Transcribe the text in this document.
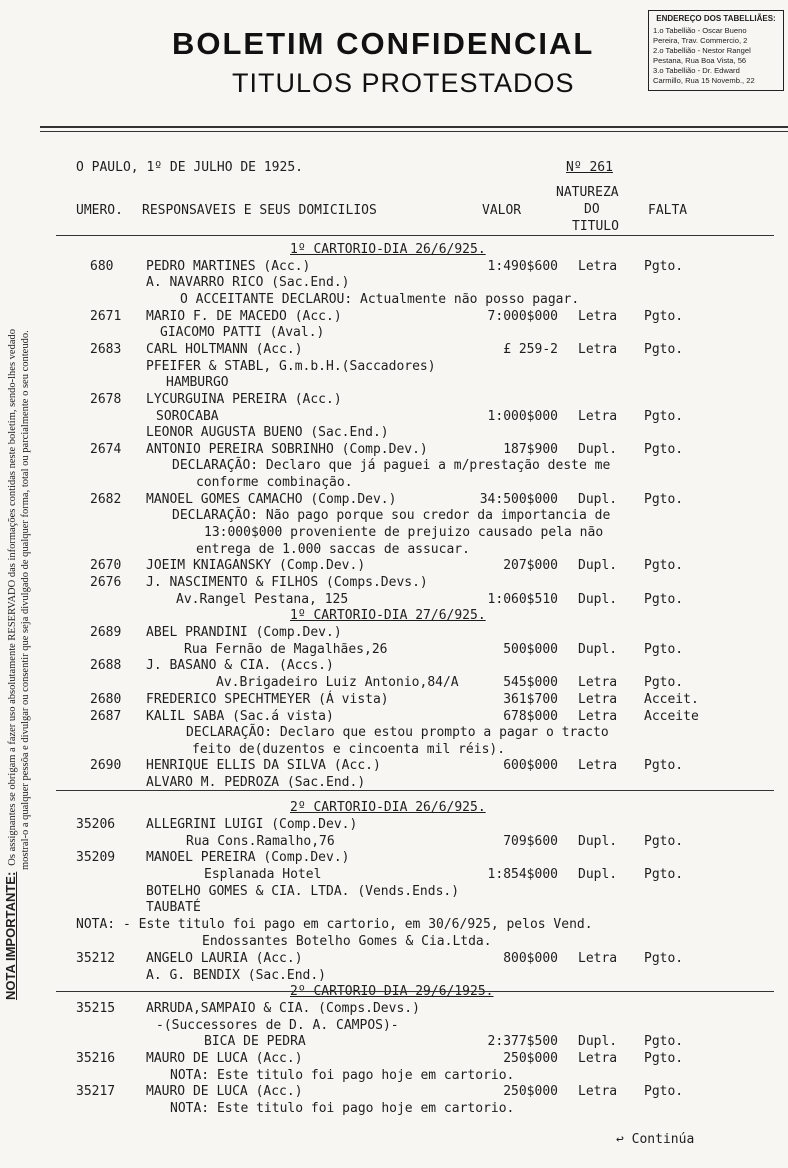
BOLETIM CONFIDENCIAL
TITULOS PROTESTADOS
ENDEREÇO DOS TABELLIÃES:
1.o Tabellião - Oscar Bueno
Pereira, Trav. Commercio, 2
2.o Tabellião - Nestor Rangel
Pestana, Rua Boa Vista, 56
3.o Tabellião - Dr. Edward
Carmillo, Rua 15 Novemb., 22
NOTA IMPORTANTE:Os assignantes se obrigam a fazer uso absolutamente RESERVADO das informações contidas neste boletim, sendo-lhes vedado mostral-o a qualquer pessôa e divulgar ou consentir que seja divulgado de qualquer forma, total ou parcialmente o seu conteudo.
O PAULO, 1º DE JULHO DE 1925.	Nº 261
UMERO. RESPONSAVEIS E SEUS DOMICILIOS	VALOR
NATUREZA
DO
TITULO
FALTA
1º CARTORIO-DIA 26/6/925.
680	PEDRO MARTINES (Acc.)	1:490$600 Letra Pgto.
A. NAVARRO RICO (Sac.End.)
O ACCEITANTE DECLAROU: Actualmente não posso pagar.
2671 MARIO F. DE MACEDO (Acc.)	7:000$000 Letra Pgto.
GIACOMO PATTI (Aval.)
2683 CARL HOLTMANN (Acc.)	£ 259-2 Letra Pgto.
PFEIFER & STABL, G.m.b.H.(Saccadores)
HAMBURGO
2678 LYCURGUINA PEREIRA (Acc.)
SOROCABA	1:000$000 Letra Pgto.
LEONOR AUGUSTA BUENO (Sac.End.)
2674 ANTONIO PEREIRA SOBRINHO (Comp.Dev.)	187$900 Dupl. Pgto.
DECLARAÇÃO: Declaro que já paguei a m/prestação deste me
conforme combinação.
2682 MANOEL GOMES CAMACHO (Comp.Dev.)	34:500$000 Dupl. Pgto.
DECLARAÇÃO: Não pago porque sou credor da importancia de
13:000$000 proveniente de prejuizo causado pela não
entrega de 1.000 saccas de assucar.
2670 JOEIM KNIAGANSKY (Comp.Dev.)	207$000 Dupl. Pgto.
2676 J. NASCIMENTO & FILHOS (Comps.Devs.)
Av.Rangel Pestana, 125	1:060$510 Dupl. Pgto.
1º CARTORIO-DIA 27/6/925.
2689 ABEL PRANDINI (Comp.Dev.)
Rua Fernão de Magalhães,26	500$000 Dupl. Pgto.
2688 J. BASANO & CIA. (Accs.)
Av.Brigadeiro Luiz Antonio,84/A	545$000 Letra Pgto.
2680 FREDERICO SPECHTMEYER (Á vista)	361$700 Letra Acceit.
2687 KALIL SABA (Sac.á vista)	678$000 Letra Acceite
DECLARAÇÃO: Declaro que estou prompto a pagar o tracto
feito de(duzentos e cincoenta mil réis).
2690 HENRIQUE ELLIS DA SILVA (Acc.)	600$000 Letra Pgto.
ALVARO M. PEDROZA (Sac.End.)
2º CARTORIO-DIA 26/6/925.
35206 ALLEGRINI LUIGI (Comp.Dev.)
Rua Cons.Ramalho,76	709$600 Dupl. Pgto.
35209 MANOEL PEREIRA (Comp.Dev.)
Esplanada Hotel	1:854$000 Dupl. Pgto.
BOTELHO GOMES & CIA. LTDA. (Vends.Ends.)
TAUBATÉ
NOTA: - Este titulo foi pago em cartorio, em 30/6/925, pelos Vend.
Endossantes Botelho Gomes & Cia.Ltda.
35212 ANGELO LAURIA (Acc.)	800$000 Letra Pgto.
A. G. BENDIX (Sac.End.)
2º CARTORIO-DIA 29/6/1925.
35215 ARRUDA,SAMPAIO & CIA. (Comps.Devs.)
-(Successores de D. A. CAMPOS)-
BICA DE PEDRA	2:377$500 Dupl. Pgto.
35216 MAURO DE LUCA (Acc.)	250$000 Letra Pgto.
NOTA: Este titulo foi pago hoje em cartorio.
35217 MAURO DE LUCA (Acc.)	250$000 Letra Pgto.
NOTA: Este titulo foi pago hoje em cartorio.
↩ Continúa
